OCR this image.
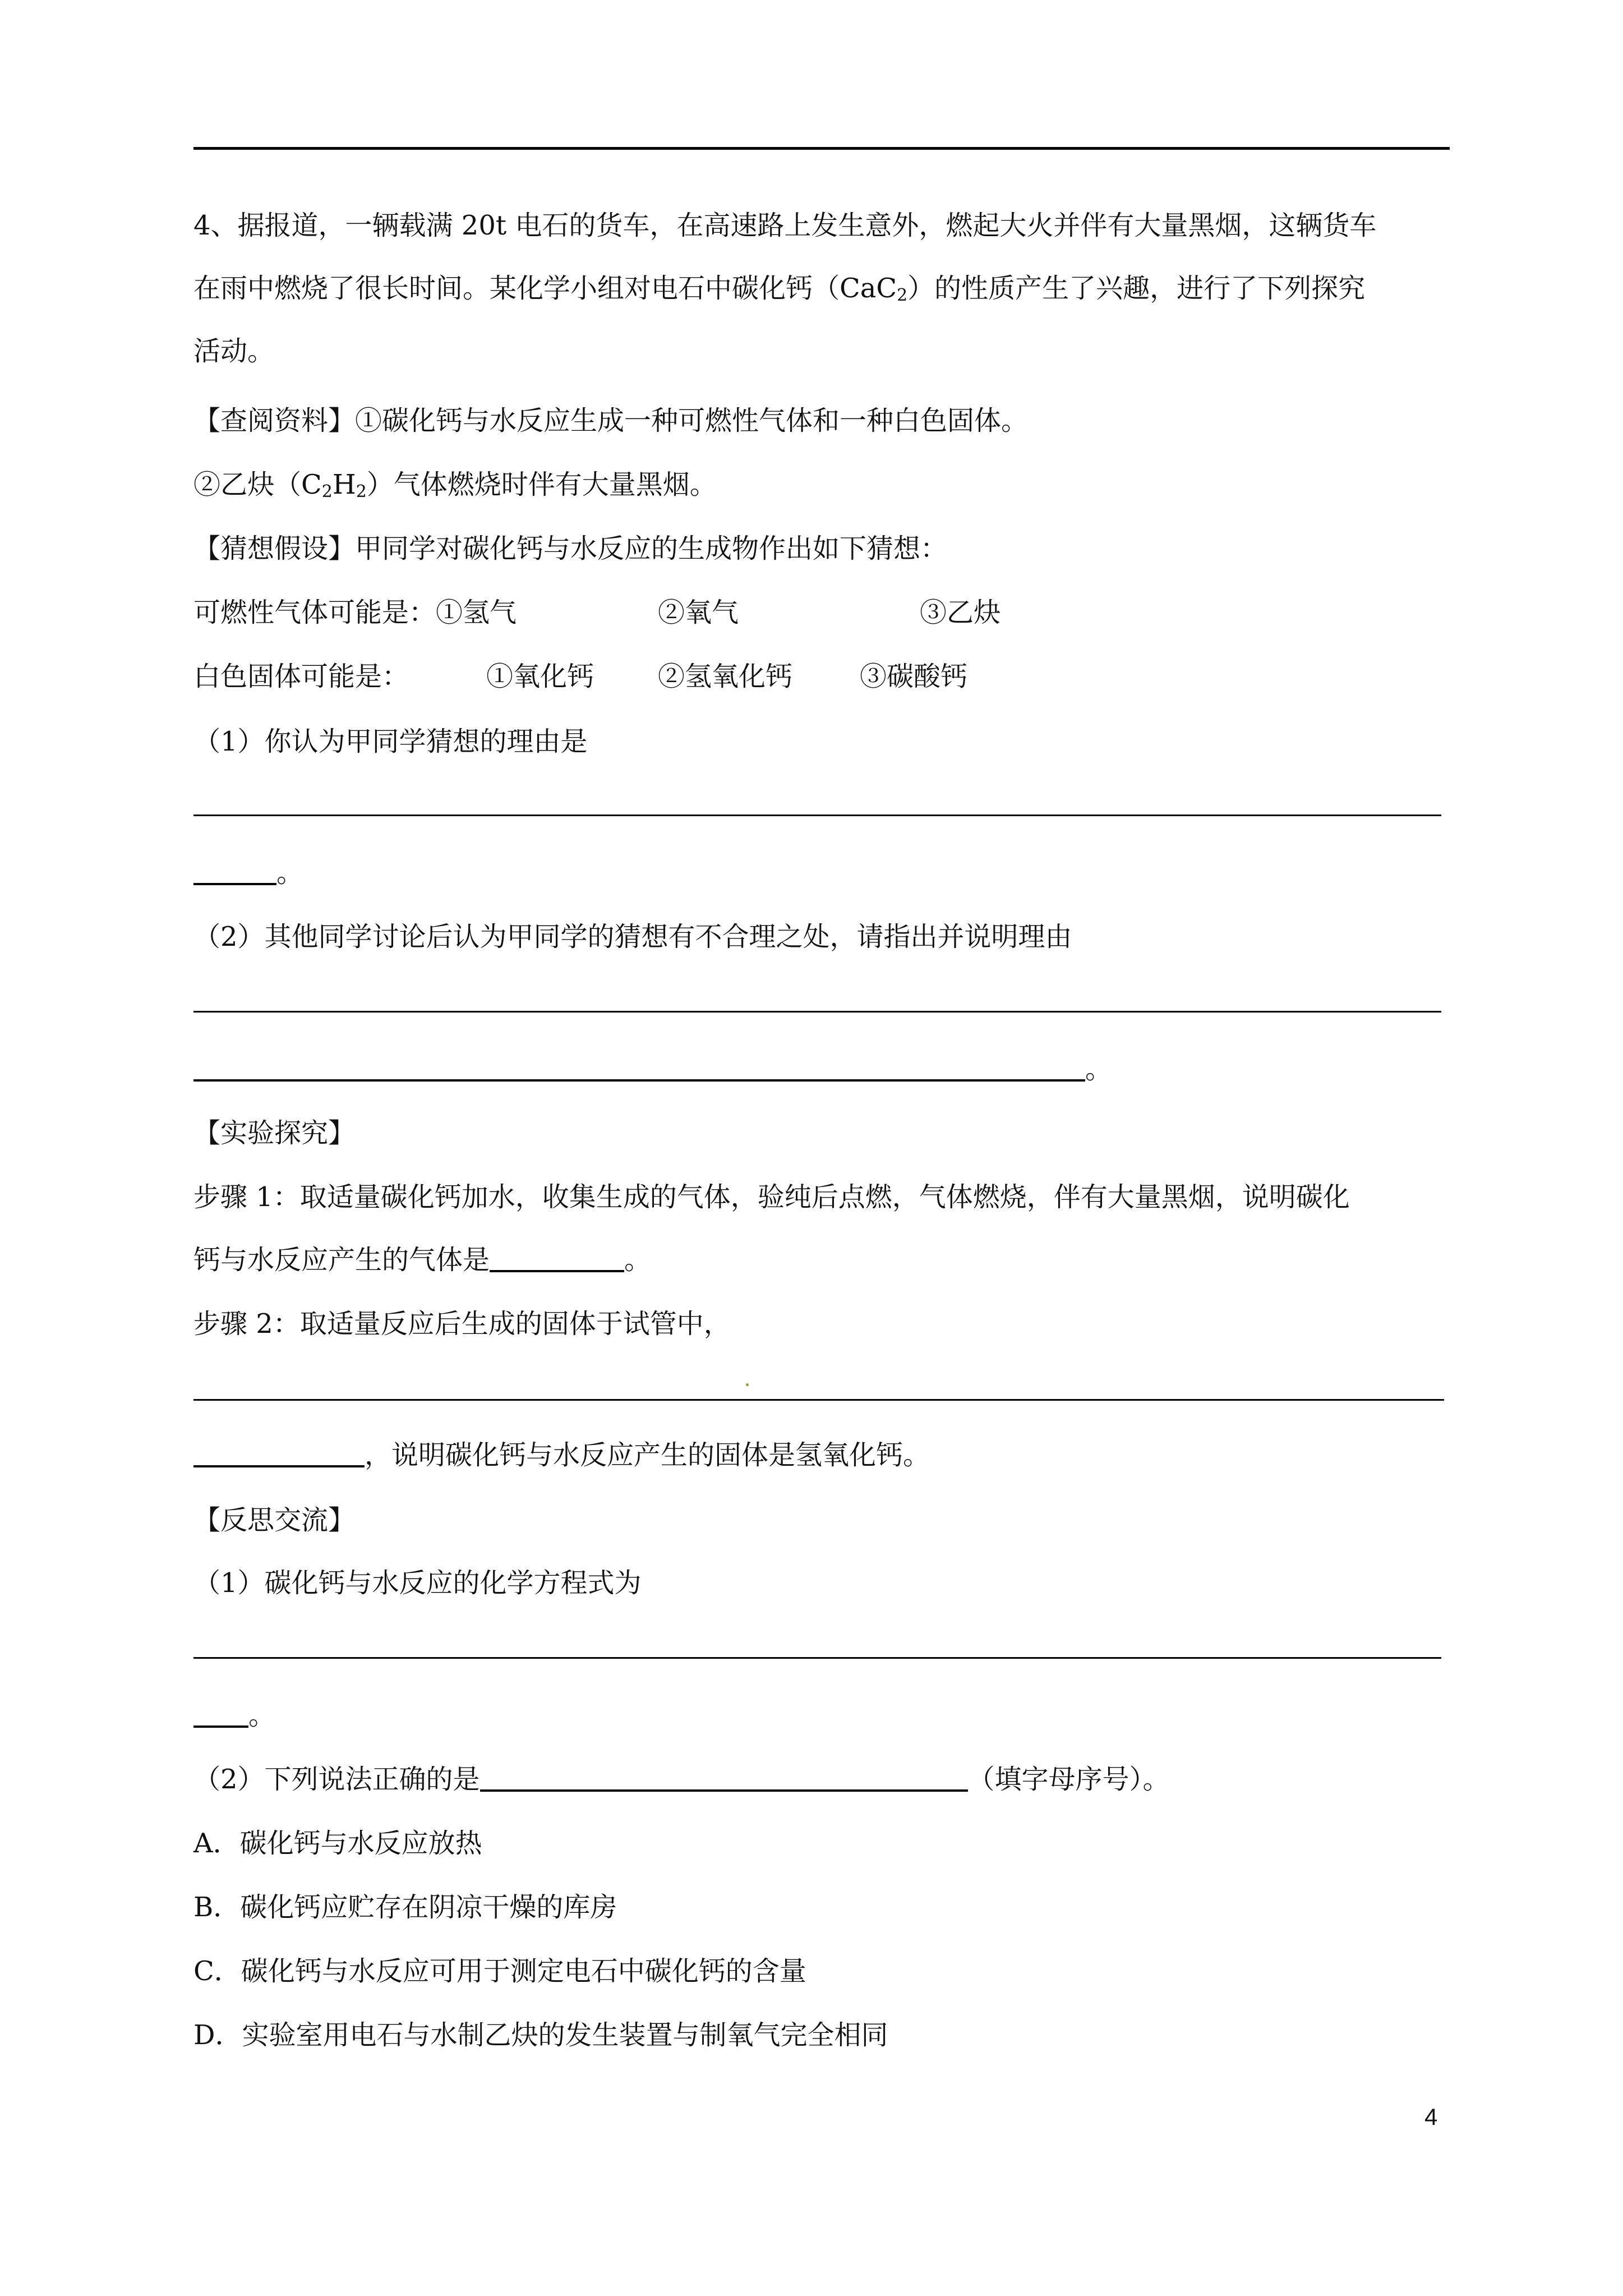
4、据报道，一辆载满 20t 电石的货车，在高速路上发生意外，燃起大火并伴有大量黑烟，这辆货车
在雨中燃烧了很长时间。某化学小组对电石中碳化钙（CaC$_2$）的性质产生了兴趣，进行了下列探究
活动。
【查阅资料】①碳化钙与水反应生成一种可燃性气体和一种白色固体。
②乙炔$(C_2H_2)$气体燃烧时伴有大量黑烟。
【猜想假设】甲同学对碳化钙与水反应的生成物作出如下猜想：
可燃性气体可能是：①氢气	②氧气	③乙炔
白色固体可能是：	①氧化钙 ②氢氧化钙 ③碳酸钙
（1）你认为甲同学猜想的理由是
。
（2）其他同学讨论后认为甲同学的猜想有不合理之处，请指出并说明理由
。
【实验探究】
步骤 1：取适量碳化钙加水，收集生成的气体，验纯后点燃，气体燃烧，伴有大量黑烟，说明碳化
钙与水反应产生的气体是	。
步骤 2：取适量反应后生成的固体于试管中，
，说明碳化钙与水反应产生的固体是氢氧化钙。
【反思交流】
（1）碳化钙与水反应的化学方程式为
。
（2）下列说法正确的是	（填字母序号）。
A．碳化钙与水反应放热
B．碳化钙应贮存在阴凉干燥的库房
C．碳化钙与水反应可用于测定电石中碳化钙的含量
D．实验室用电石与水制乙炔的发生装置与制氧气完全相同
4
